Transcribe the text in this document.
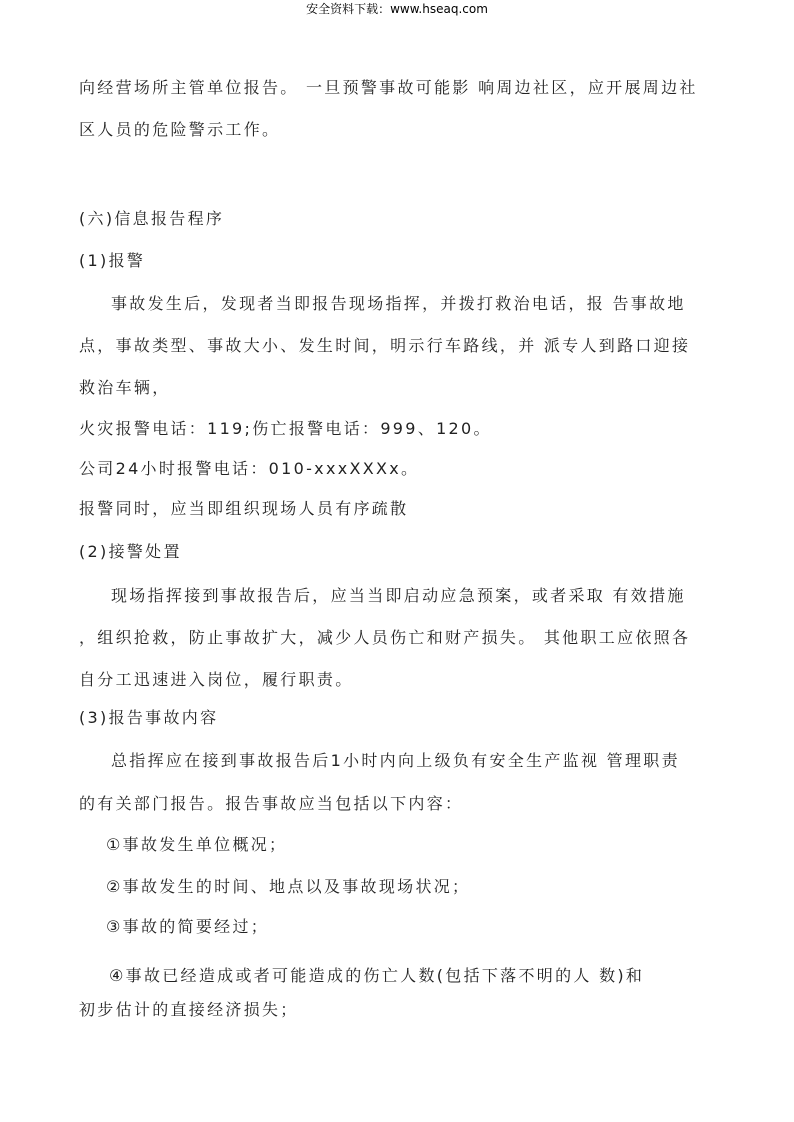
安全资料下载：www.hseaq.com
向经营场所主管单位报告。 一旦预警事故可能影 响周边社区，应开展周边社
区人员的危险警示工作。
(六)信息报告程序
(1)报警
事故发生后，发现者当即报告现场指挥，并拨打救治电话，报 告事故地
点，事故类型、事故大小、发生时间，明示行车路线，并 派专人到路口迎接
救治车辆，
火灾报警电话：119;伤亡报警电话：999、120。
公司24小时报警电话：010-xxxXXXx。
报警同时，应当即组织现场人员有序疏散
(2)接警处置
现场指挥接到事故报告后，应当当即启动应急预案，或者采取 有效措施
，组织抢救，防止事故扩大，减少人员伤亡和财产损失。 其他职工应依照各
自分工迅速进入岗位，履行职责。
(3)报告事故内容
总指挥应在接到事故报告后1小时内向上级负有安全生产监视 管理职责
的有关部门报告。报告事故应当包括以下内容：
①事故发生单位概况；
②事故发生的时间、地点以及事故现场状况；
③事故的简要经过；
④事故已经造成或者可能造成的伤亡人数(包括下落不明的人 数)和
初步估计的直接经济损失；
